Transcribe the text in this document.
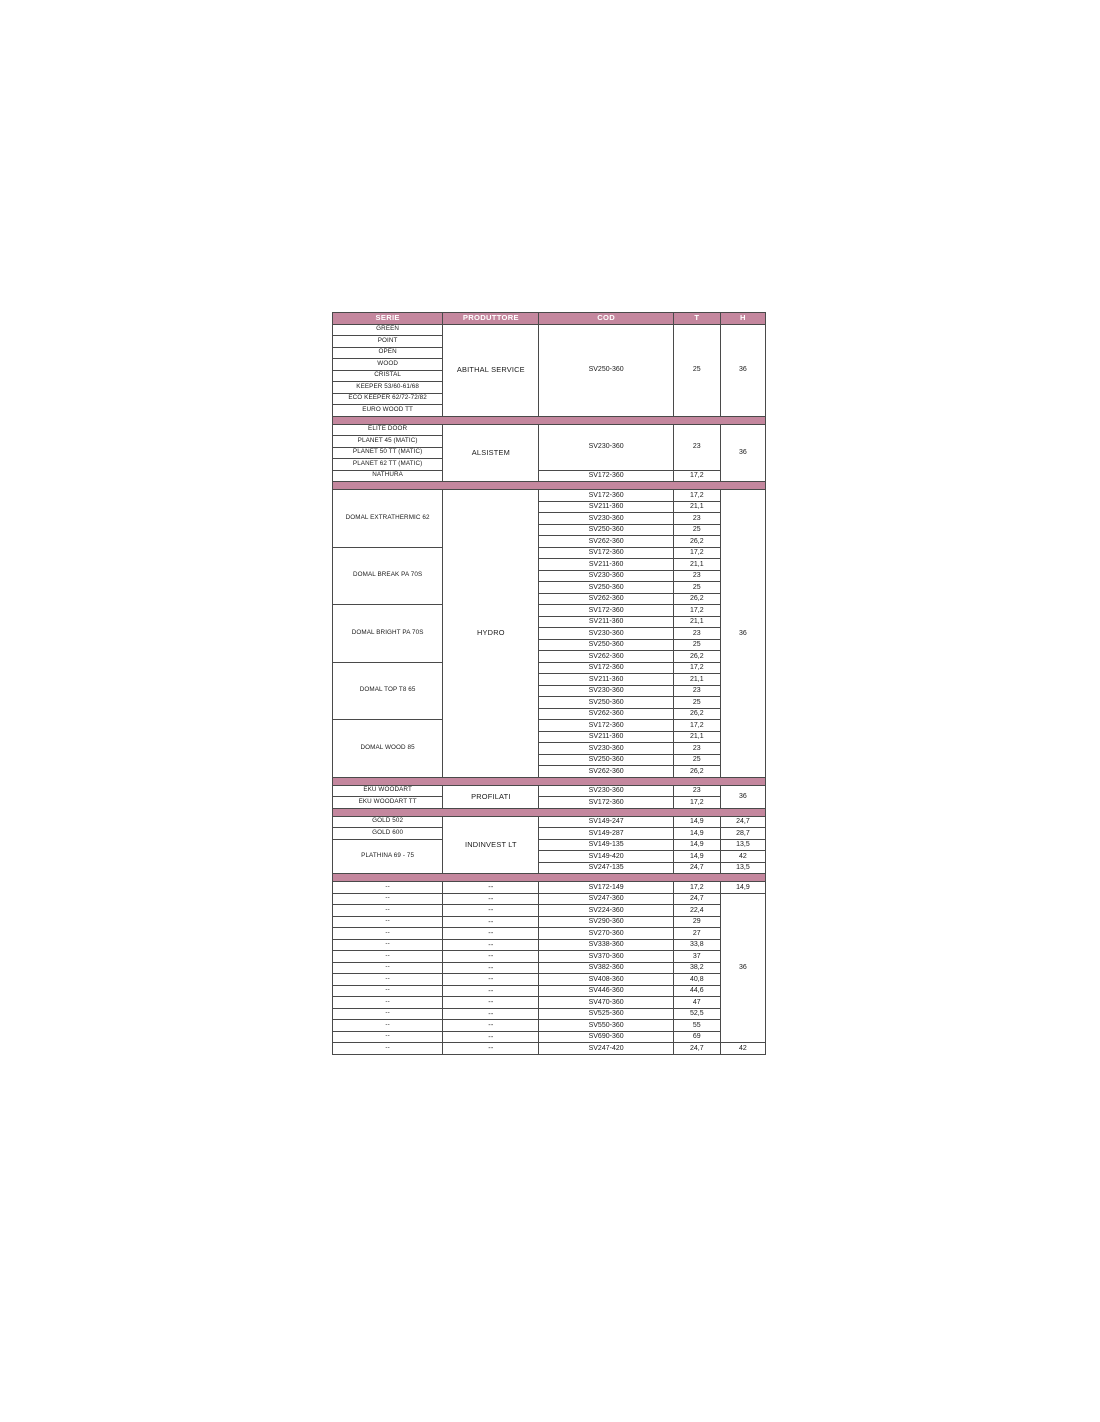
SERIE	PRODUTTORE	COD	T	H
GREEN	ABITHAL SERVICE	SV250-360	25	36
POINT				
OPEN				
WOOD				
CRISTAL				
KEEPER 53/60-61/68				
ECO KEEPER 62/72-72/82				
EURO WOOD TT				

ELITE DOOR	ALSISTEM	SV230-360	23	36
PLANET 45 (MATIC)				
PLANET 50 TT (MATIC)				
PLANET 62 TT (MATIC)				
NATHURA		SV172-360	17,2	

DOMAL EXTRATHERMIC 62	HYDRO	SV172-360	17,2	36
		SV211-360	21,1	
		SV230-360	23	
		SV250-360	25	
		SV262-360	26,2	
DOMAL BREAK PA 70S		SV172-360	17,2	
		SV211-360	21,1	
		SV230-360	23	
		SV250-360	25	
		SV262-360	26,2	
DOMAL BRIGHT PA 70S		SV172-360	17,2	
		SV211-360	21,1	
		SV230-360	23	
		SV250-360	25	
		SV262-360	26,2	
DOMAL TOP T8 65		SV172-360	17,2	
		SV211-360	21,1	
		SV230-360	23	
		SV250-360	25	
		SV262-360	26,2	
DOMAL WOOD 85		SV172-360	17,2	
		SV211-360	21,1	
		SV230-360	23	
		SV250-360	25	
		SV262-360	26,2	

EKU WOODART	PROFILATI	SV230-360	23	36
EKU WOODART TT		SV172-360	17,2	

GOLD 502	INDINVEST LT	SV149-247	14,9	24,7
GOLD 600		SV149-287	14,9	28,7
PLATHINA 69 - 75		SV149-135	14,9	13,5
		SV149-420	14,9	42
		SV247-135	24,7	13,5

--	--	SV172-149	17,2	14,9
--	--	SV247-360	24,7	36
--	--	SV224-360	22,4	
--	--	SV290-360	29	
--	--	SV270-360	27	
--	--	SV338-360	33,8	
--	--	SV370-360	37	
--	--	SV382-360	38,2	
--	--	SV408-360	40,8	
--	--	SV446-360	44,6	
--	--	SV470-360	47	
--	--	SV525-360	52,5	
--	--	SV550-360	55	
--	--	SV690-360	69	
--	--	SV247-420	24,7	42
